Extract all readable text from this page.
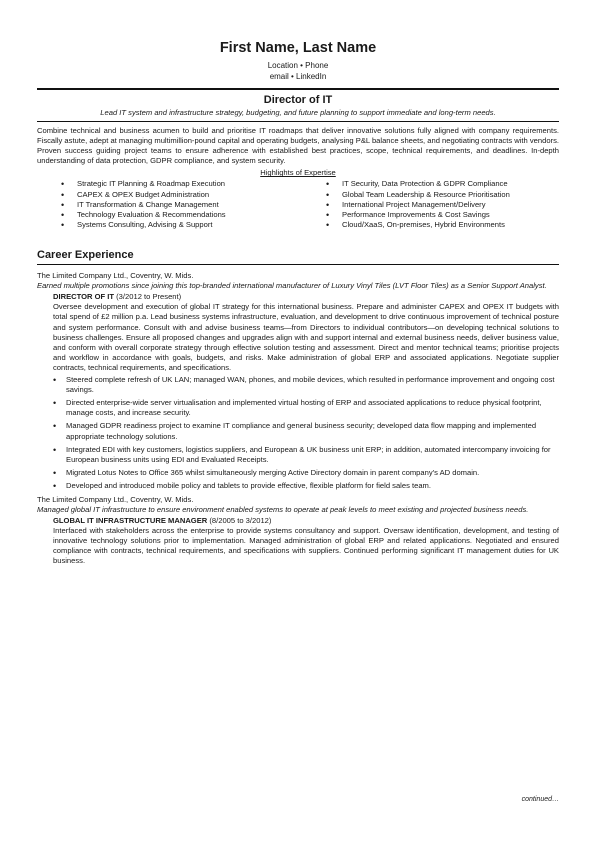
First Name, Last Name
Location • Phone
email • LinkedIn
Director of IT
Lead IT system and infrastructure strategy, budgeting, and future planning to support immediate and long-term needs.

Combine technical and business acumen to build and prioritise IT roadmaps that deliver innovative solutions fully aligned with company requirements. Fiscally astute, adept at managing multimillion-pound capital and operating budgets, analysing P&L balance sheets, and negotiating contracts with vendors. Proven success guiding project teams to ensure adherence with established best practices, scope, technical requirements, and deadlines. In-depth understanding of data protection, GDPR compliance, and system security.

Highlights of Expertise
• Strategic IT Planning & Roadmap Execution
• CAPEX & OPEX Budget Administration
• IT Transformation & Change Management
• Technology Evaluation & Recommendations
• Systems Consulting, Advising & Support
• IT Security, Data Protection & GDPR Compliance
• Global Team Leadership & Resource Prioritisation
• International Project Management/Delivery
• Performance Improvements & Cost Savings
• Cloud/XaaS, On-premises, Hybrid Environments
Career Experience
The Limited Company Ltd., Coventry, W. Mids.
Earned multiple promotions since joining this top-branded international manufacturer of Luxury Vinyl Tiles (LVT Floor Tiles) as a Senior Support Analyst.
DIRECTOR OF IT (3/2012 to Present)
Oversee development and execution of global IT strategy for this international business. Prepare and administer CAPEX and OPEX IT budgets with total spend of £2 million p.a. Lead business systems infrastructure, evaluation, and development to drive continuous improvement of technical posture and system performance. Consult with and advise business teams—from Directors to individual contributors—on developing technical solutions to business challenges. Ensure all proposed changes and upgrades align with and support internal and external business needs, deliver business value, and conform with overall corporate strategy through effective solution testing and assessment. Direct and mentor technical teams; prioritise projects and workflow in accordance with goals, budgets, and risks. Make administration of global ERP and associated applications. Negotiate supplier contracts, technical requirements, and specifications.
• Steered complete refresh of UK LAN; managed WAN, phones, and mobile devices, which resulted in performance improvement and ongoing cost savings.
• Directed enterprise-wide server virtualisation and implemented virtual hosting of ERP and associated applications to reduce physical footprint, manage costs, and increase security.
• Managed GDPR readiness project to examine IT compliance and general business security; developed data flow mapping and implemented appropriate technology solutions.
• Integrated EDI with key customers, logistics suppliers, and European & UK business unit ERP; in addition, automated intercompany invoicing for European business units using EDI and Evaluated Receipts.
• Migrated Lotus Notes to Office 365 whilst simultaneously merging Active Directory domain in parent company's AD domain.
• Developed and introduced mobile policy and tablets to provide effective, flexible platform for field sales team.
The Limited Company Ltd., Coventry, W. Mids.
Managed global IT infrastructure to ensure environment enabled systems to operate at peak levels to meet existing and projected business needs.
GLOBAL IT INFRASTRUCTURE MANAGER (8/2005 to 3/2012)
Interfaced with stakeholders across the enterprise to provide systems consultancy and support. Oversaw identification, development, and testing of innovative technology solutions prior to implementation. Managed administration of global ERP and related applications. Negotiated and ensured compliance with contracts, technical requirements, and specifications with suppliers. Continued performing significant IT management duties for UK business.
continued…
